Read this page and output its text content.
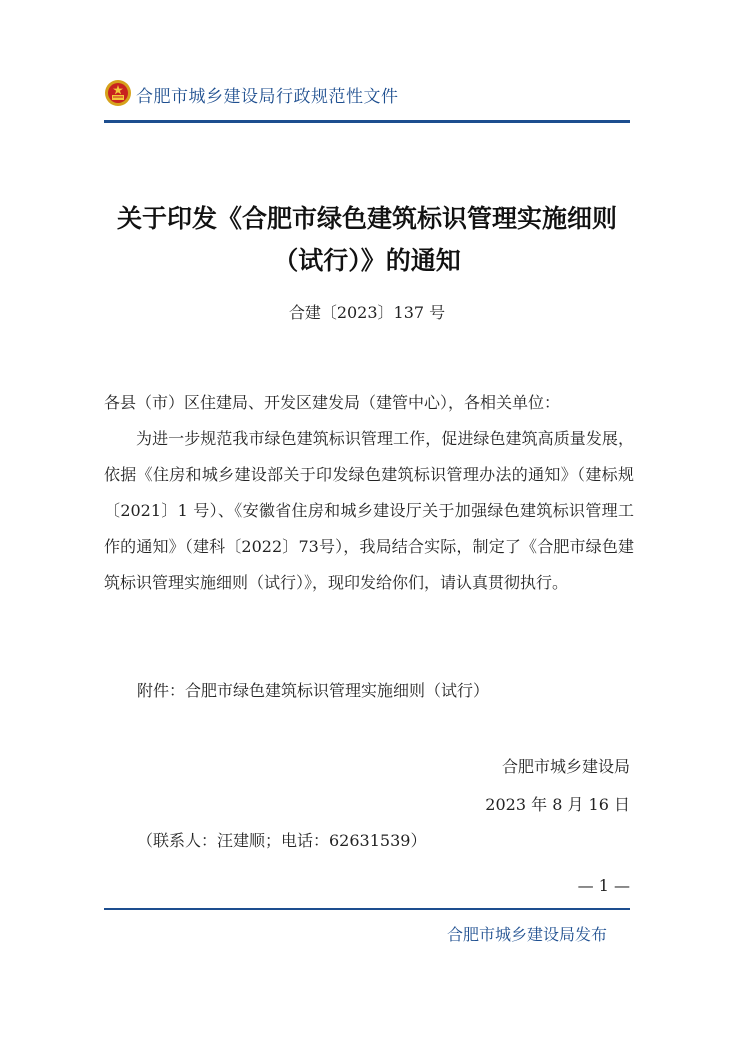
合肥市城乡建设局行政规范性文件
关于印发《合肥市绿色建筑标识管理实施细则
（试行）》的通知
合建〔2023〕137 号

各县（市）区住建局、开发区建发局（建管中心），各相关单位：

为进一步规范我市绿色建筑标识管理工作，促进绿色建筑高质量发展，依据《住房和城乡建设部关于印发绿色建筑标识管理办法的通知》（建标规〔2021〕1 号）、《安徽省住房和城乡建设厅关于加强绿色建筑标识管理工作的通知》（建科〔2022〕73号），我局结合实际，制定了《合肥市绿色建筑标识管理实施细则（试行）》，现印发给你们，请认真贯彻执行。

附件：合肥市绿色建筑标识管理实施细则（试行）
合肥市城乡建设局
2023 年 8 月 16 日
（联系人：汪建顺；电话：62631539）
— 1 —
合肥市城乡建设局发布
